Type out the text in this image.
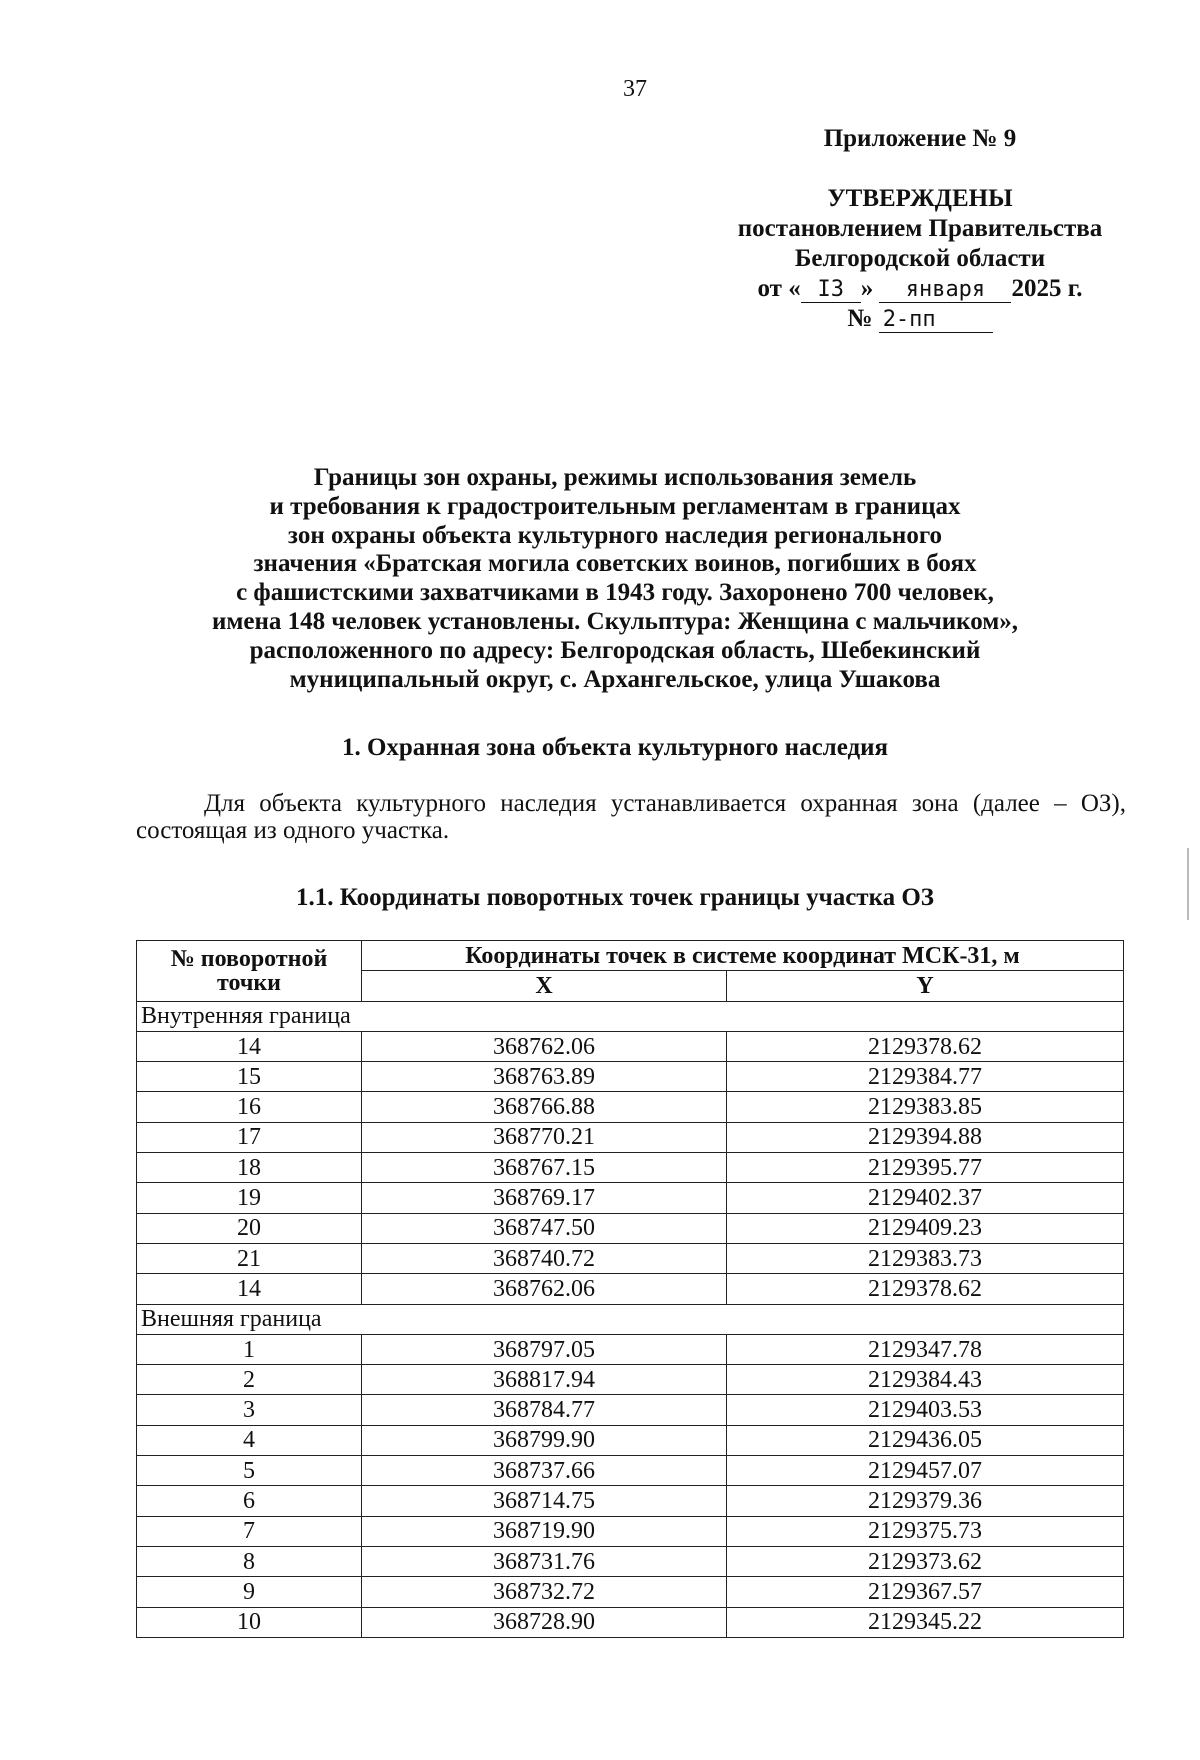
37
Приложение № 9
УТВЕРЖДЕНЫ
постановлением Правительства
Белгородской области
от « I3 » января 2025 г.
№ 2-пп
Границы зон охраны, режимы использования земель
и требования к градостроительным регламентам в границах
зон охраны объекта культурного наследия регионального
значения «Братская могила советских воинов, погибших в боях
с фашистскими захватчиками в 1943 году. Захоронено 700 человек,
имена 148 человек установлены. Скульптура: Женщина с мальчиком»,
расположенного по адресу: Белгородская область, Шебекинский
муниципальный округ, с. Архангельское, улица Ушакова
1. Охранная зона объекта культурного наследия
Для объекта культурного наследия устанавливается охранная зона (далее – ОЗ), состоящая из одного участка.
1.1. Координаты поворотных точек границы участка ОЗ
№ поворотной точки	Координаты точек в системе координат МСК-31, м	
	X	Y
Внутренняя граница		
14	368762.06	2129378.62
15	368763.89	2129384.77
16	368766.88	2129383.85
17	368770.21	2129394.88
18	368767.15	2129395.77
19	368769.17	2129402.37
20	368747.50	2129409.23
21	368740.72	2129383.73
14	368762.06	2129378.62
Внешняя граница		
1	368797.05	2129347.78
2	368817.94	2129384.43
3	368784.77	2129403.53
4	368799.90	2129436.05
5	368737.66	2129457.07
6	368714.75	2129379.36
7	368719.90	2129375.73
8	368731.76	2129373.62
9	368732.72	2129367.57
10	368728.90	2129345.22
